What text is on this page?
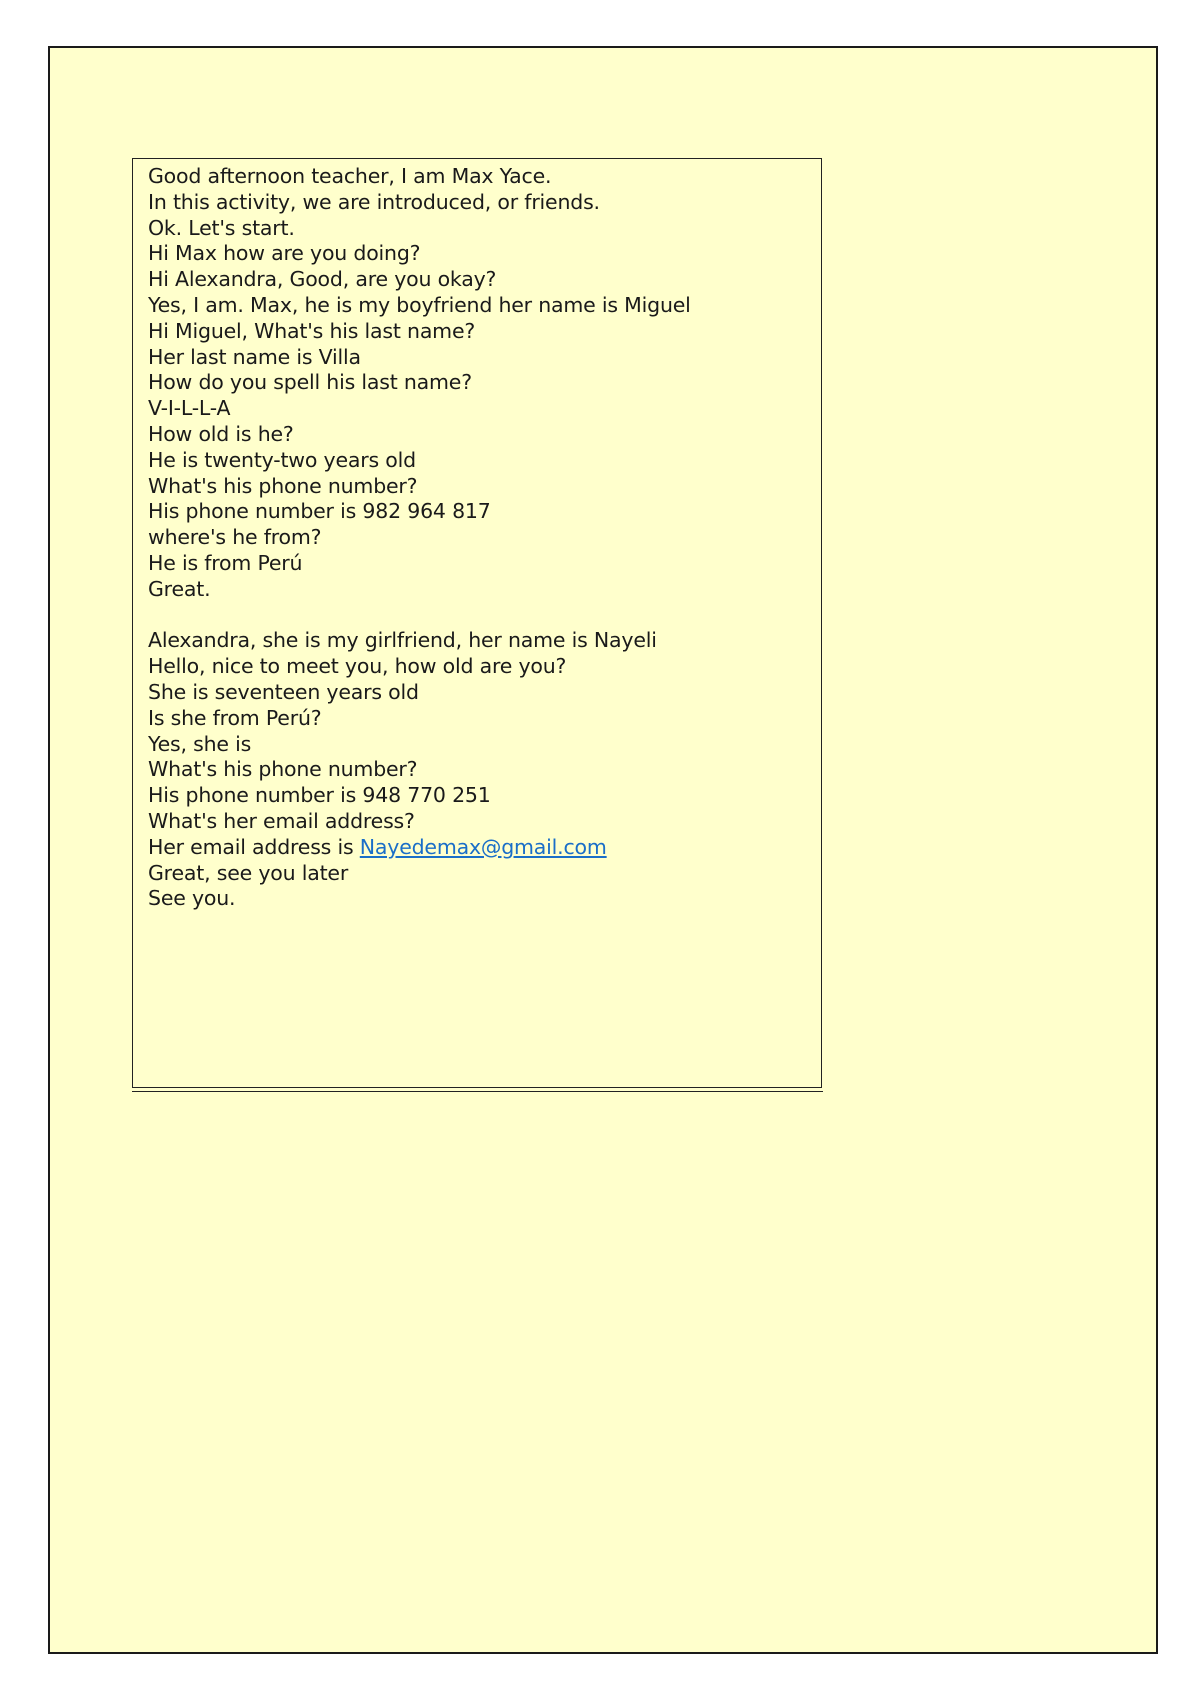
Good afternoon teacher, I am Max Yace.
In this activity, we are introduced, or friends.
Ok. Let's start.
Hi Max how are you doing?
Hi Alexandra, Good, are you okay?
Yes, I am. Max, he is my boyfriend her name is Miguel
Hi Miguel, What's his last name?
Her last name is Villa
How do you spell his last name?
V-I-L-L-A
How old is he?
He is twenty-two years old
What's his phone number?
His phone number is 982 964 817
where's he from?
He is from Perú
Great.
Alexandra, she is my girlfriend, her name is Nayeli
Hello, nice to meet you, how old are you?
She is seventeen years old
Is she from Perú?
Yes, she is
What's his phone number?
His phone number is 948 770 251
What's her email address?
Her email address is Nayedemax@gmail.com
Great, see you later
See you.
